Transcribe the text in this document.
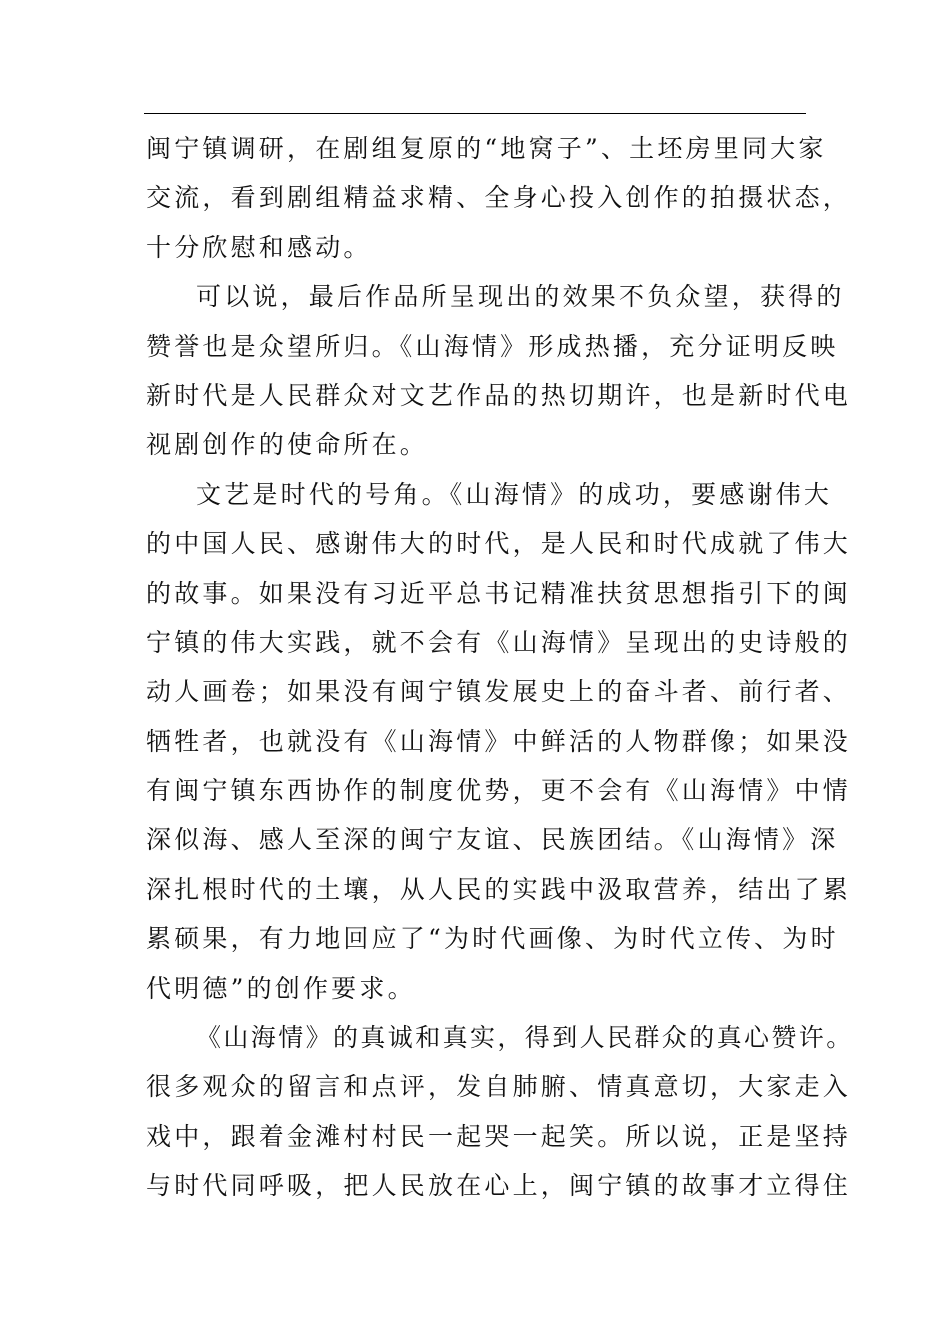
闽宁镇调研，在剧组复原的“地窝子”、土坯房里同大家
交流，看到剧组精益求精、全身心投入创作的拍摄状态，
十分欣慰和感动。
可以说，最后作品所呈现出的效果不负众望，获得的
赞誉也是众望所归。《山海情》形成热播，充分证明反映
新时代是人民群众对文艺作品的热切期许，也是新时代电
视剧创作的使命所在。
文艺是时代的号角。《山海情》的成功，要感谢伟大
的中国人民、感谢伟大的时代，是人民和时代成就了伟大
的故事。如果没有习近平总书记精准扶贫思想指引下的闽
宁镇的伟大实践，就不会有《山海情》呈现出的史诗般的
动人画卷；如果没有闽宁镇发展史上的奋斗者、前行者、
牺牲者，也就没有《山海情》中鲜活的人物群像；如果没
有闽宁镇东西协作的制度优势，更不会有《山海情》中情
深似海、感人至深的闽宁友谊、民族团结。《山海情》深
深扎根时代的土壤，从人民的实践中汲取营养，结出了累
累硕果，有力地回应了“为时代画像、为时代立传、为时
代明德”的创作要求。
《山海情》的真诚和真实，得到人民群众的真心赞许。
很多观众的留言和点评，发自肺腑、情真意切，大家走入
戏中，跟着金滩村村民一起哭一起笑。所以说，正是坚持
与时代同呼吸，把人民放在心上，闽宁镇的故事才立得住
